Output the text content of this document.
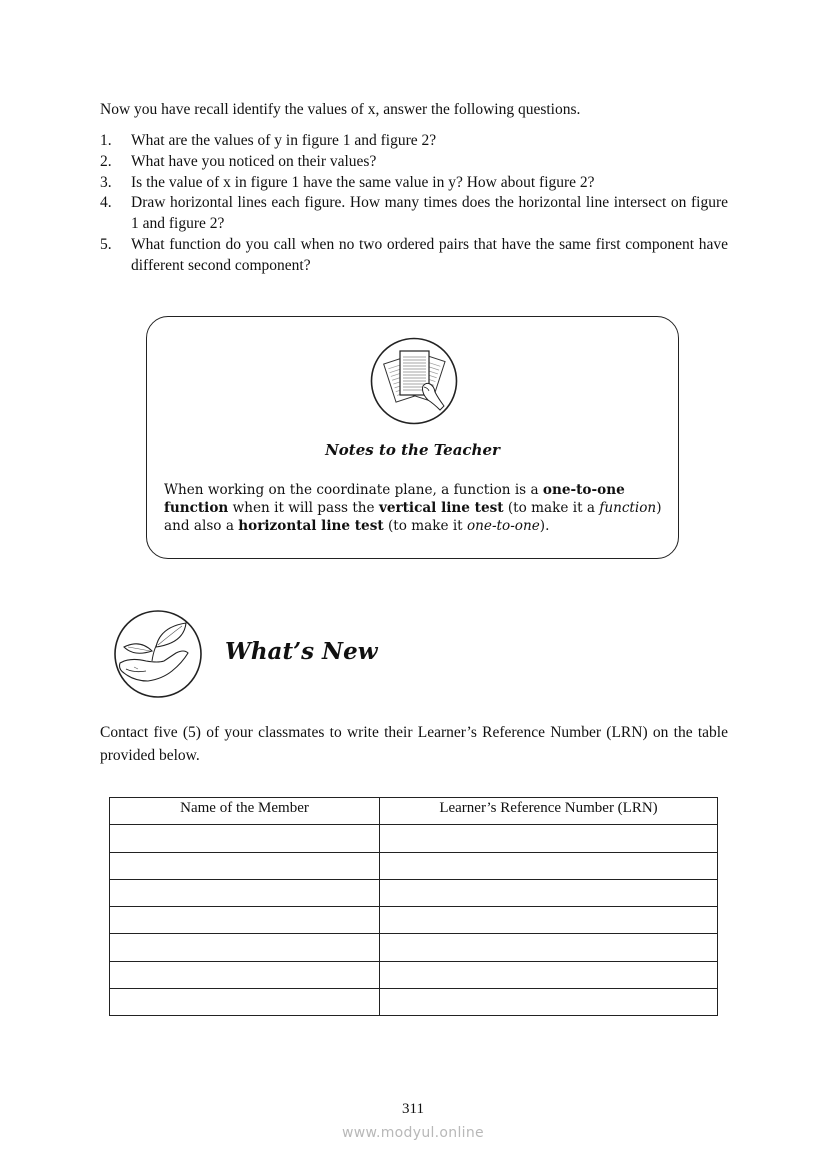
Now you have recall identify the values of x, answer the following questions.

1.	What are the values of y in figure 1 and figure 2?
2.	What have you noticed on their values?
3.	Is the value of x in figure 1 have the same value in y? How about figure 2?
4.	Draw horizontal lines each figure. How many times does the horizontal line intersect on figure 1 and figure 2?
5.	What function do you call when no two ordered pairs that have the same first component have different second component?
Notes to the Teacher

When working on the coordinate plane, a function is a one-to-one function when it will pass the vertical line test (to make it a function) and also a horizontal line test (to make it one-to-one).

What’s New

Contact five (5) of your classmates to write their Learner’s Reference Number (LRN) on the table provided below.

Name of the Member	Learner’s Reference Number (LRN)

311
www.modyul.online
